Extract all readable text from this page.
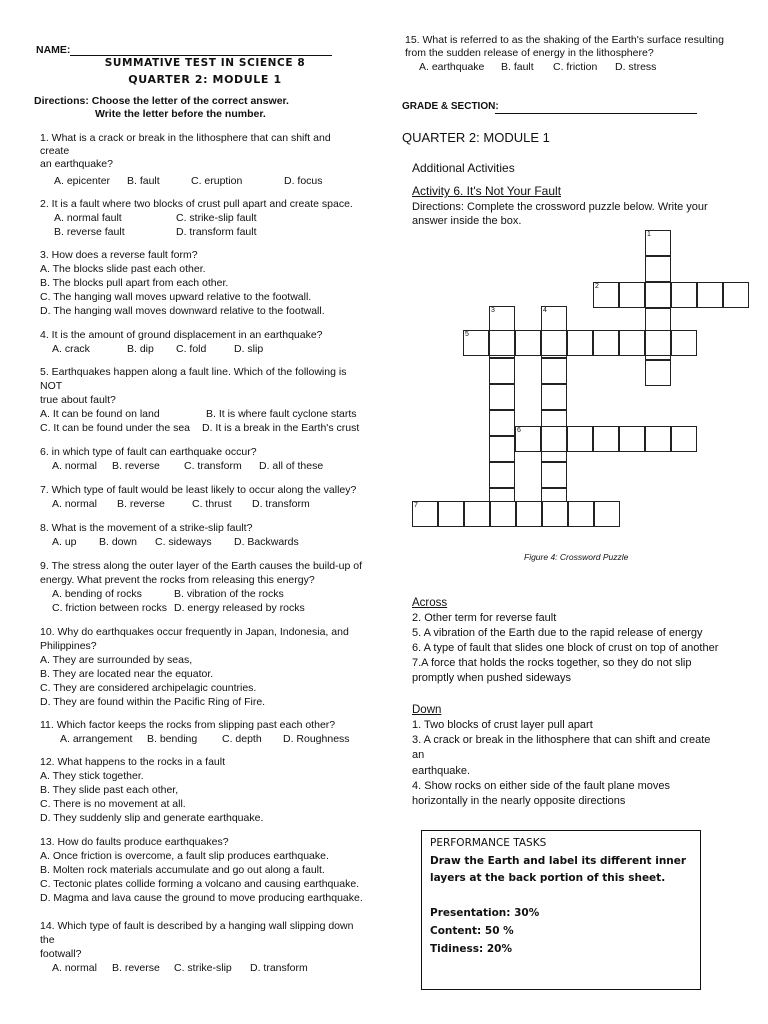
NAME:
SUMMATIVE TEST IN SCIENCE 8
QUARTER 2: MODULE 1
Directions: Choose the letter of the correct answer.
Write the letter before the number.
1. What is a crack or break in the lithosphere that can shift and
create
an earthquake?
A. epicenter B. fault	C. eruption	D. focus
2. It is a fault where two blocks of crust pull apart and create space.
A. normal fault	C. strike-slip fault
B. reverse fault	D. transform fault
3. How does a reverse fault form?
A. The blocks slide past each other.
B. The blocks pull apart from each other.
C. The hanging wall moves upward relative to the footwall.
D. The hanging wall moves downward relative to the footwall.
4. It is the amount of ground displacement in an earthquake?
A. crack	B. dip C. fold	D. slip
5. Earthquakes happen along a fault line. Which of the following is
NOT
true about fault?
A. It can be found on land	B. It is where fault cyclone starts
C. It can be found under the sea D. It is a break in the Earth's crust
6. in which type of fault can earthquake occur?
A. normal B. reverse C. transform D. all of these
7. Which type of fault would be least likely to occur along the valley?
A. normal B. reverse	C. thrust D. transform
8. What is the movement of a strike-slip fault?
A. up B. down C. sideways D. Backwards
9. The stress along the outer layer of the Earth causes the build-up of
energy. What prevent the rocks from releasing this energy?
A. bending of rocks	B. vibration of the rocks
C. friction between rocks D. energy released by rocks
10. Why do earthquakes occur frequently in Japan, Indonesia, and
Philippines?
A. They are surrounded by seas,
B. They are located near the equator.
C. They are considered archipelagic countries.
D. They are found within the Pacific Ring of Fire.
11. Which factor keeps the rocks from slipping past each other?
A. arrangement B. bending C. depth D. Roughness
12. What happens to the rocks in a fault
A. They stick together.
B. They slide past each other,
C. There is no movement at all.
D. They suddenly slip and generate earthquake.
13. How do faults produce earthquakes?
A. Once friction is overcome, a fault slip produces earthquake.
B. Molten rock materials accumulate and go out along a fault.
C. Tectonic plates collide forming a volcano and causing earthquake.
D. Magma and lava cause the ground to move producing earthquake.
14. Which type of fault is described by a hanging wall slipping down
the
footwall?
A. normal B. reverse C. strike-slip D. transform
15. What is referred to as the shaking of the Earth's surface resulting
from the sudden release of energy in the lithosphere?
A. earthquake B. fault C. friction D. stress
GRADE & SECTION:
QUARTER 2: MODULE 1
Additional Activities
Activity 6. It's Not Your Fault
Directions: Complete the crossword puzzle below. Write your
answer inside the box.
1
2
3	4
5
6
7
Figure 4: Crossword Puzzle
Across
2. Other term for reverse fault
5. A vibration of the Earth due to the rapid release of energy
6. A type of fault that slides one block of crust on top of another
7.A force that holds the rocks together, so they do not slip
promptly when pushed sideways
Down
1. Two blocks of crust layer pull apart
3. A crack or break in the lithosphere that can shift and create
an
earthquake.
4. Show rocks on either side of the fault plane moves
horizontally in the nearly opposite directions
PERFORMANCE TASKS
Draw the Earth and label its different inner
layers at the back portion of this sheet.
Presentation: 30%
Content: 50 %
Tidiness: 20%
